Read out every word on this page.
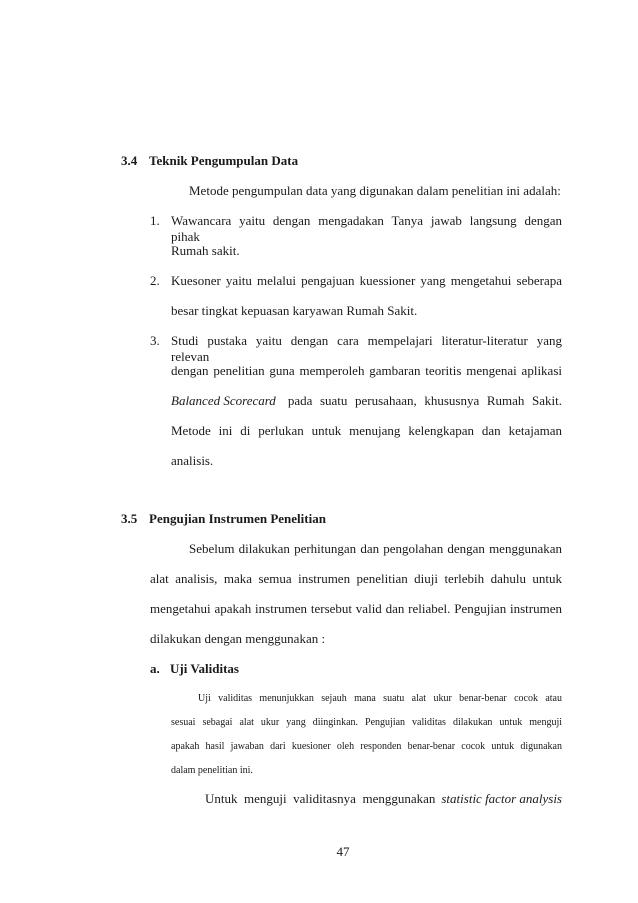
3.4 Teknik Pengumpulan Data
Metode pengumpulan data yang digunakan dalam penelitian ini adalah:
1. Wawancara yaitu dengan mengadakan Tanya jawab langsung dengan pihak
Rumah sakit.
2. Kuesoner yaitu melalui pengajuan kuessioner yang mengetahui seberapa
besar tingkat kepuasan karyawan Rumah Sakit.
3. Studi pustaka yaitu dengan cara mempelajari literatur-literatur yang relevan
dengan penelitian guna memperoleh gambaran teoritis mengenai aplikasi
Balanced Scorecard pada suatu perusahaan, khususnya Rumah Sakit.
Metode ini di perlukan untuk menujang kelengkapan dan ketajaman
analisis.
3.5 Pengujian Instrumen Penelitian
Sebelum dilakukan perhitungan dan pengolahan dengan menggunakan
alat analisis, maka semua instrumen penelitian diuji terlebih dahulu untuk
mengetahui apakah instrumen tersebut valid dan reliabel. Pengujian instrumen
dilakukan dengan menggunakan :
a. Uji Validitas
Uji validitas menunjukkan sejauh mana suatu alat ukur benar-benar cocok atau
sesuai sebagai alat ukur yang diinginkan. Pengujian validitas dilakukan untuk menguji
apakah hasil jawaban dari kuesioner oleh responden benar-benar cocok untuk digunakan
dalam penelitian ini.
Untuk menguji validitasnya menggunakan statistic factor analysis
47
